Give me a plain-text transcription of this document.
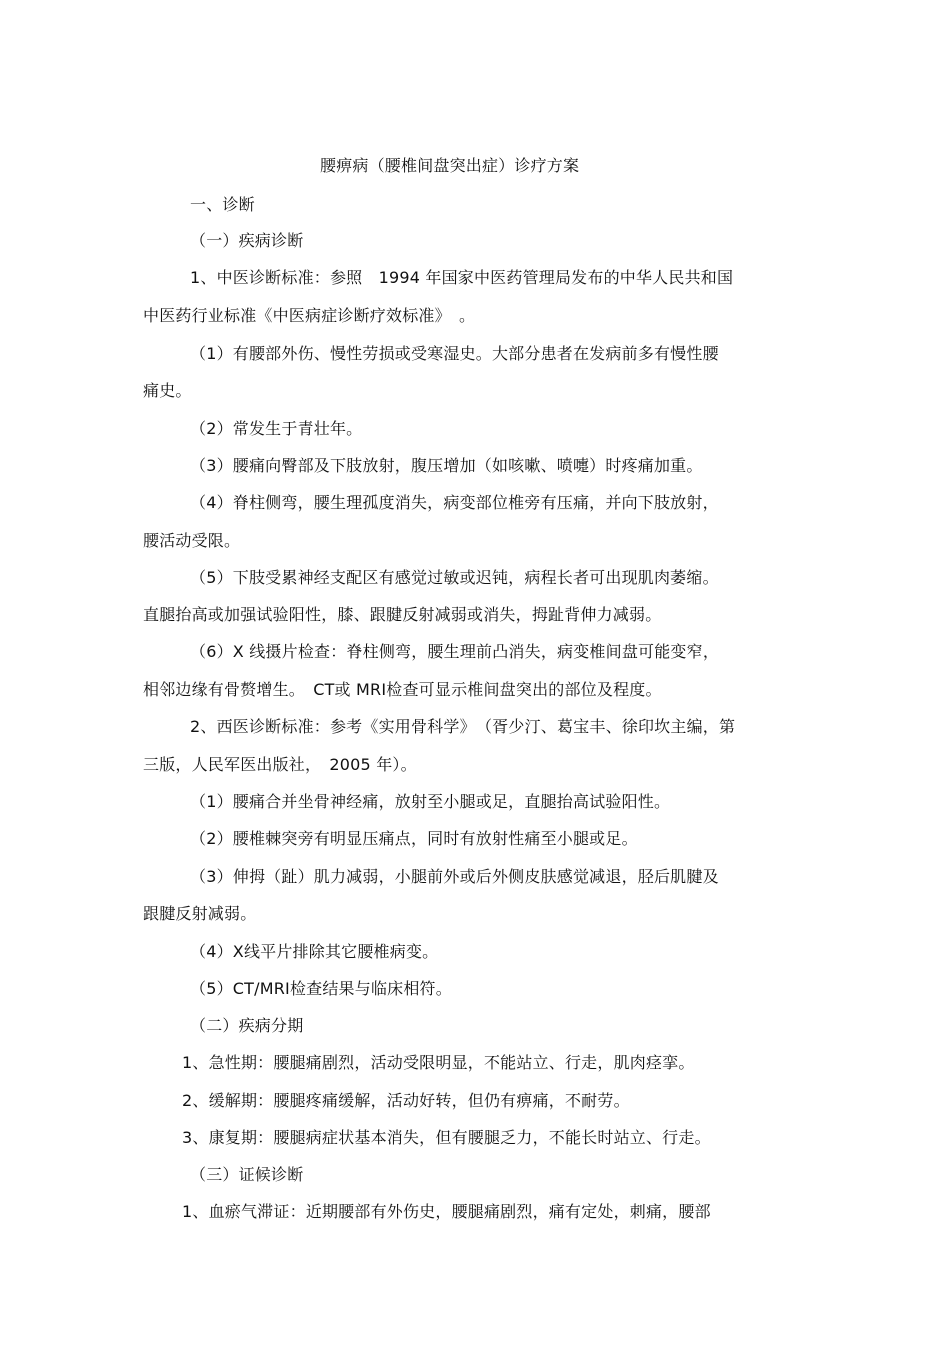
腰痹病（腰椎间盘突出症）诊疗方案
一、诊断
（一）疾病诊断
1、中医诊断标准：参照　1994 年国家中医药管理局发布的中华人民共和国
中医药行业标准《中医病症诊断疗效标准》　。
（1）有腰部外伤、慢性劳损或受寒湿史。大部分患者在发病前多有慢性腰
痛史。
（2）常发生于青壮年。
（3）腰痛向臀部及下肢放射，腹压增加（如咳嗽、喷嚏）时疼痛加重。
（4）脊柱侧弯，腰生理孤度消失，病变部位椎旁有压痛，并向下肢放射，
腰活动受限。
（5）下肢受累神经支配区有感觉过敏或迟钝，病程长者可出现肌肉萎缩。
直腿抬高或加强试验阳性，膝、跟腱反射减弱或消失，拇趾背伸力减弱。
（6）X 线摄片检查：脊柱侧弯，腰生理前凸消失，病变椎间盘可能变窄，
相邻边缘有骨赘增生。　CT或 MRI检查可显示椎间盘突出的部位及程度。
2、西医诊断标准：参考《实用骨科学》　（胥少汀、葛宝丰、徐印坎主编，第
三版，人民军医出版社，　2005 年）。
（1）腰痛合并坐骨神经痛，放射至小腿或足，直腿抬高试验阳性。
（2）腰椎棘突旁有明显压痛点，同时有放射性痛至小腿或足。
（3）伸拇（趾）肌力减弱，小腿前外或后外侧皮肤感觉减退，胫后肌腱及
跟腱反射减弱。
（4）X线平片排除其它腰椎病变。
（5）CT/MRI检查结果与临床相符。
（二）疾病分期
1、急性期：腰腿痛剧烈，活动受限明显，不能站立、行走，肌肉痉挛。
2、缓解期：腰腿疼痛缓解，活动好转，但仍有痹痛，不耐劳。
3、康复期：腰腿病症状基本消失，但有腰腿乏力，不能长时站立、行走。
（三）证候诊断
1、血瘀气滞证：近期腰部有外伤史，腰腿痛剧烈，痛有定处，刺痛，腰部
